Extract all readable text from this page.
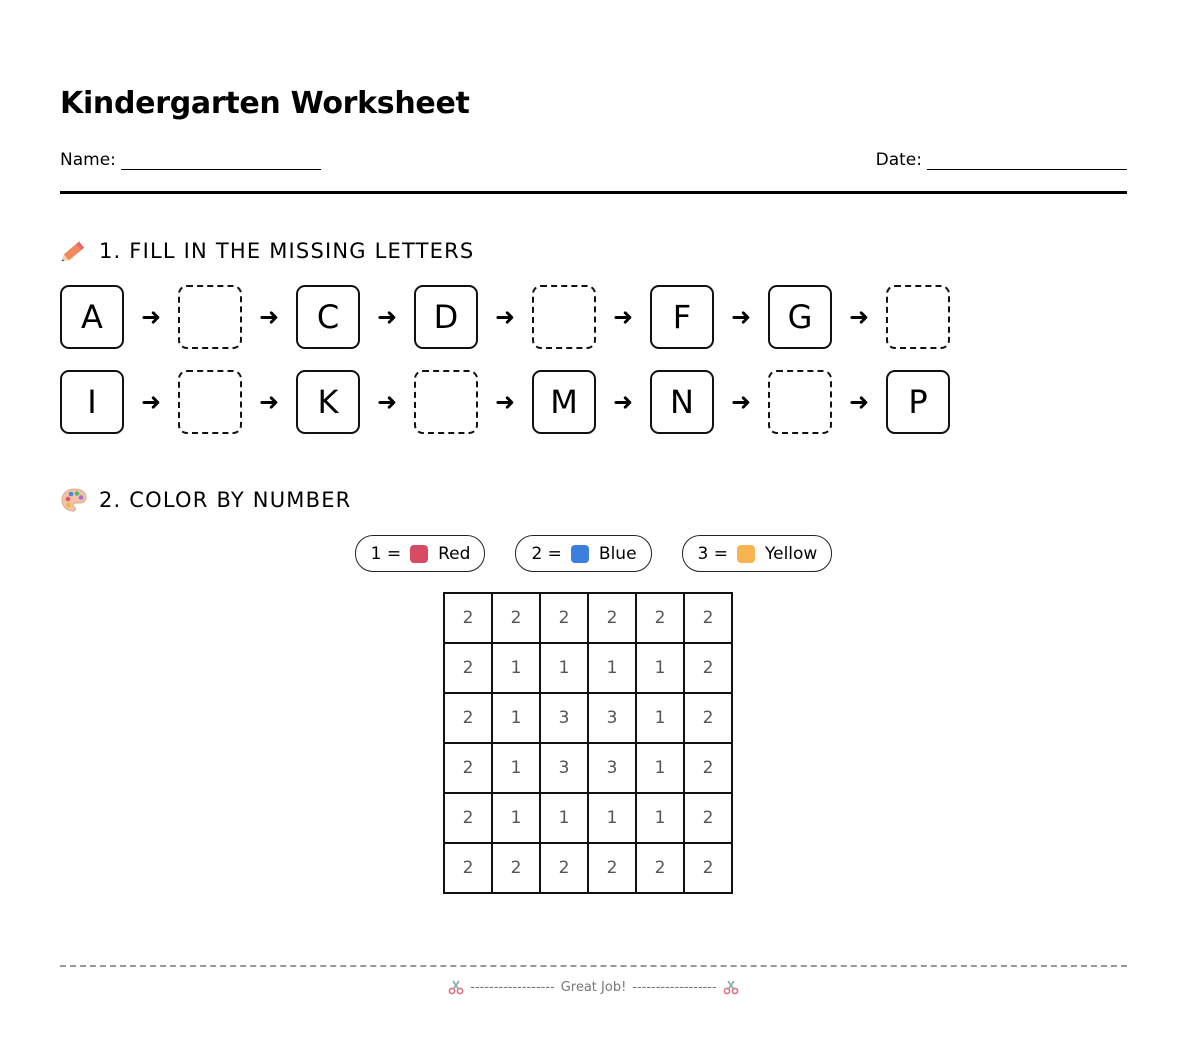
Kindergarten Worksheet
Name:	Date:
1. FILL IN THE MISSING LETTERS
A	➜	➜	C	➜	D	➜	➜	F	➜	G	➜
I	➜	➜	K	➜	➜	M	➜	N	➜	➜	P
2. COLOR BY NUMBER
1 = Red	2 = Blue	3 = Yellow
2	2	2	2	2	2
2	1	1	1	1	2
2	1	3	3	1	2
2	1	3	3	1	2
2	1	1	1	1	2
2	2	2	2	2	2
------------------ Great Job! ------------------
